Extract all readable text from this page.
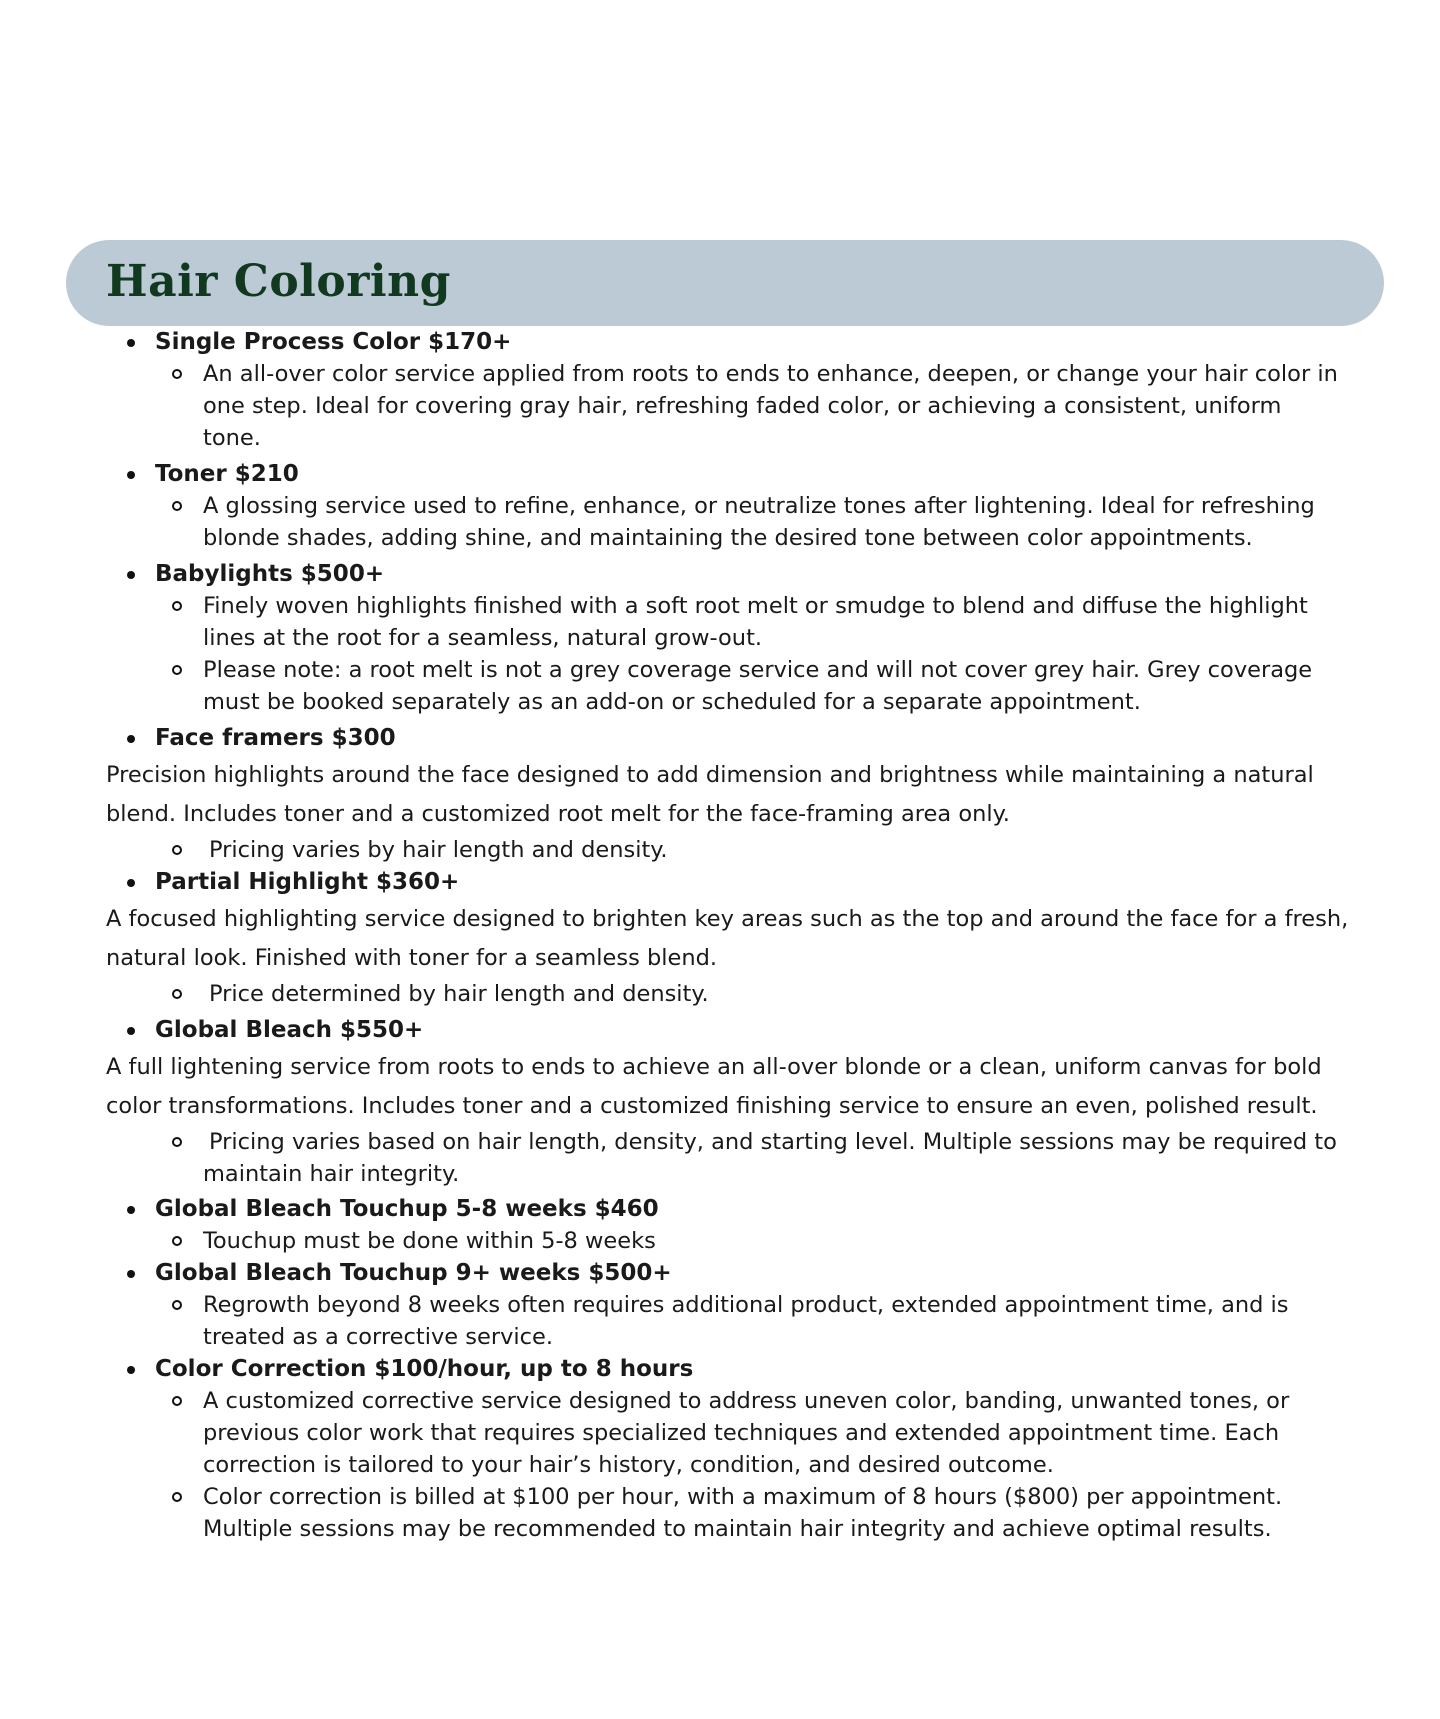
Hair Coloring
Single Process Color $170+
An all-over color service applied from roots to ends to enhance, deepen, or change your hair color in one step. Ideal for covering gray hair, refreshing faded color, or achieving a consistent, uniform tone.
Toner $210
A glossing service used to refine, enhance, or neutralize tones after lightening. Ideal for refreshing blonde shades, adding shine, and maintaining the desired tone between color appointments.
Babylights $500+
Finely woven highlights finished with a soft root melt or smudge to blend and diffuse the highlight lines at the root for a seamless, natural grow-out.
Please note: a root melt is not a grey coverage service and will not cover grey hair. Grey coverage must be booked separately as an add-on or scheduled for a separate appointment.
Face framers $300

Precision highlights around the face designed to add dimension and brightness while maintaining a natural blend. Includes toner and a customized root melt for the face-framing area only.

Pricing varies by hair length and density.
Partial Highlight $360+

A focused highlighting service designed to brighten key areas such as the top and around the face for a fresh, natural look. Finished with toner for a seamless blend.

Price determined by hair length and density.
Global Bleach $550+

A full lightening service from roots to ends to achieve an all-over blonde or a clean, uniform canvas for bold color transformations. Includes toner and a customized finishing service to ensure an even, polished result.

Pricing varies based on hair length, density, and starting level. Multiple sessions may be required to maintain hair integrity.
Global Bleach Touchup 5-8 weeks $460
Touchup must be done within 5-8 weeks
Global Bleach Touchup 9+ weeks $500+
Regrowth beyond 8 weeks often requires additional product, extended appointment time, and is treated as a corrective service.
Color Correction $100/hour, up to 8 hours
A customized corrective service designed to address uneven color, banding, unwanted tones, or previous color work that requires specialized techniques and extended appointment time. Each correction is tailored to your hair’s history, condition, and desired outcome.
Color correction is billed at $100 per hour, with a maximum of 8 hours ($800) per appointment. Multiple sessions may be recommended to maintain hair integrity and achieve optimal results.
